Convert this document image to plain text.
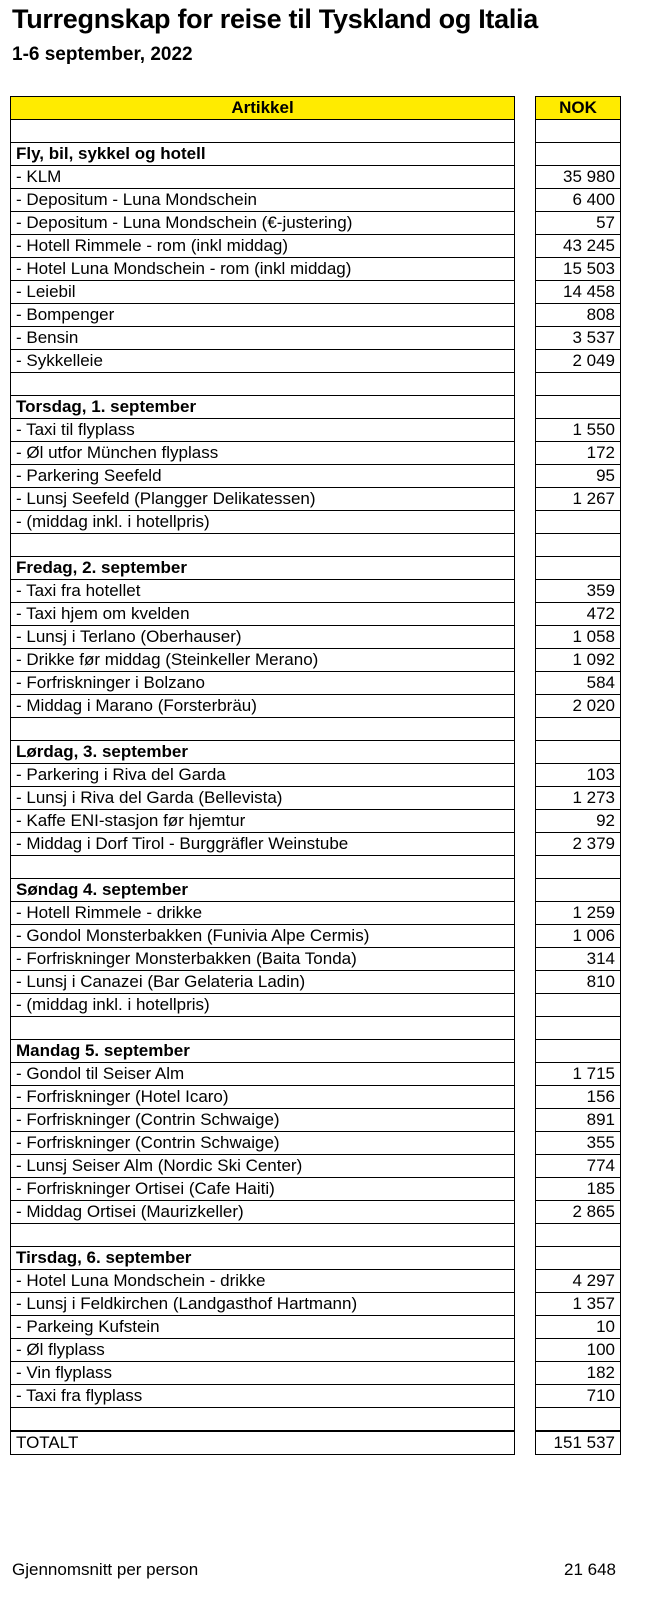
Turregnskap for reise til Tyskland og Italia
1-6 september, 2022
Artikkel		NOK

Fly, bil, sykkel og hotell		
- KLM		35 980
- Depositum - Luna Mondschein		6 400
- Depositum - Luna Mondschein (€-justering)		57
- Hotell Rimmele - rom (inkl middag)		43 245
- Hotel Luna Mondschein - rom (inkl middag)		15 503
- Leiebil		14 458
- Bompenger		808
- Bensin		3 537
- Sykkelleie		2 049

Torsdag, 1. september		
- Taxi til flyplass		1 550
- Øl utfor München flyplass		172
- Parkering Seefeld		95
- Lunsj Seefeld (Plangger Delikatessen)		1 267
- (middag inkl. i hotellpris)		

Fredag, 2. september		
- Taxi fra hotellet		359
- Taxi hjem om kvelden		472
- Lunsj i Terlano (Oberhauser)		1 058
- Drikke før middag (Steinkeller Merano)		1 092
- Forfriskninger i Bolzano		584
- Middag i Marano (Forsterbräu)		2 020

Lørdag, 3. september		
- Parkering i Riva del Garda		103
- Lunsj i Riva del Garda (Bellevista)		1 273
- Kaffe ENI-stasjon før hjemtur		92
- Middag i Dorf Tirol - Burggräfler Weinstube		2 379

Søndag 4. september		
- Hotell Rimmele - drikke		1 259
- Gondol Monsterbakken (Funivia Alpe Cermis)		1 006
- Forfriskninger Monsterbakken (Baita Tonda)		314
- Lunsj i Canazei (Bar Gelateria Ladin)		810
- (middag inkl. i hotellpris)		

Mandag 5. september		
- Gondol til Seiser Alm		1 715
- Forfriskninger (Hotel Icaro)		156
- Forfriskninger (Contrin Schwaige)		891
- Forfriskninger (Contrin Schwaige)		355
- Lunsj Seiser Alm (Nordic Ski Center)		774
- Forfriskninger Ortisei (Cafe Haiti)		185
- Middag Ortisei (Maurizkeller)		2 865

Tirsdag, 6. september		
- Hotel Luna Mondschein - drikke		4 297
- Lunsj i Feldkirchen (Landgasthof Hartmann)		1 357
- Parkeing Kufstein		10
- Øl flyplass		100
- Vin flyplass		182
- Taxi fra flyplass		710

TOTALT		151 537
Gjennomsnitt per person	21 648
